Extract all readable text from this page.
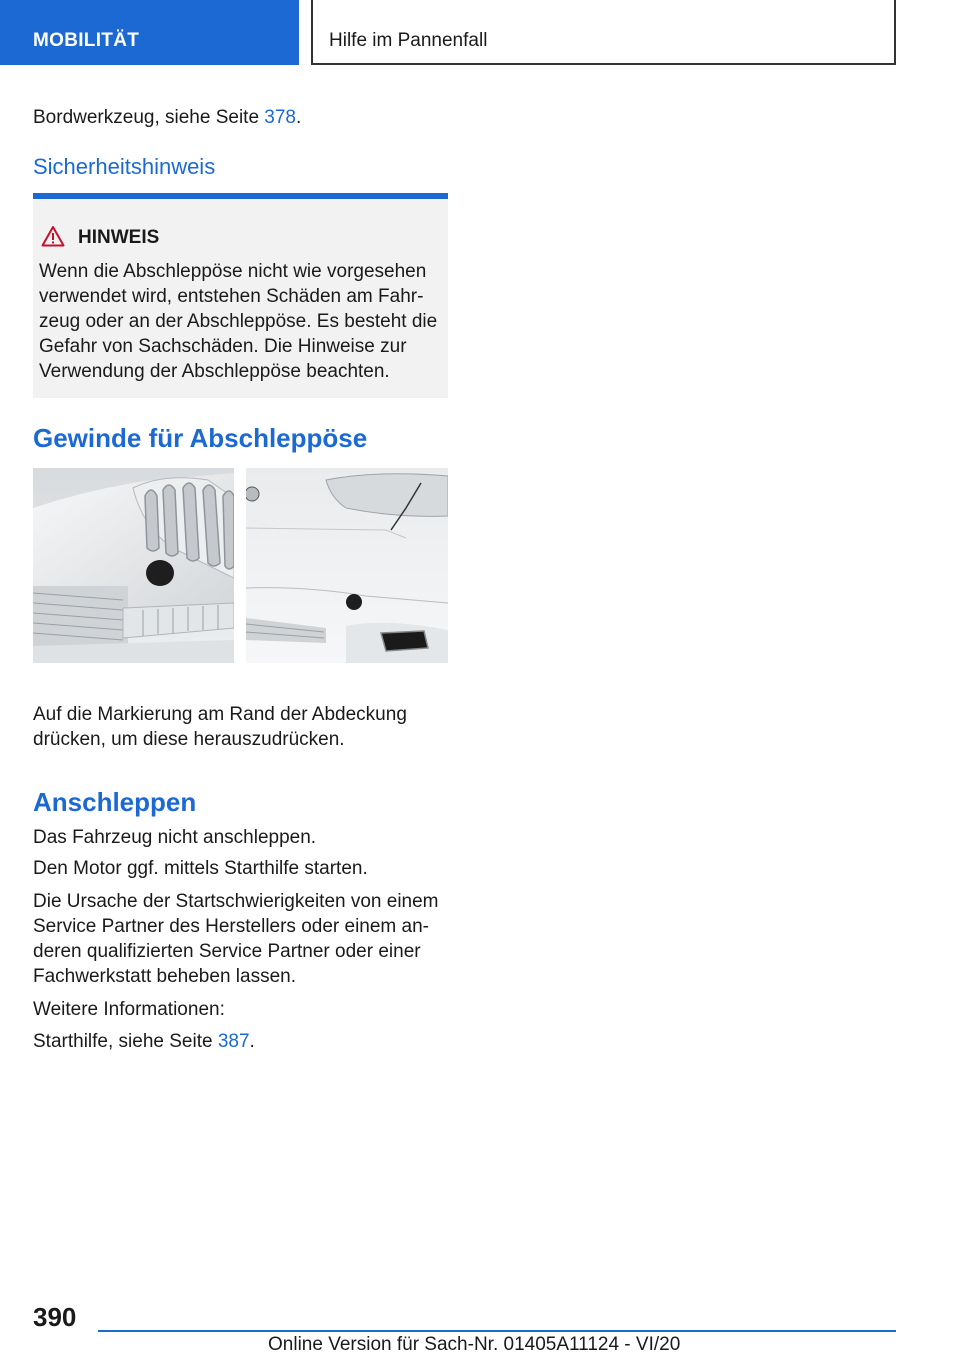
MOBILITÄT	Hilfe im Pannenfall
Bordwerkzeug, siehe Seite 378.
Sicherheitshinweis
HINWEIS
Wenn die Abschleppöse nicht wie vorgesehen
verwendet wird, entstehen Schäden am Fahr-
zeug oder an der Abschleppöse. Es besteht die
Gefahr von Sachschäden. Die Hinweise zur
Verwendung der Abschleppöse beachten.
Gewinde für Abschleppöse
Auf die Markierung am Rand der Abdeckung
drücken, um diese herauszudrücken.
Anschleppen
Das Fahrzeug nicht anschleppen.
Den Motor ggf. mittels Starthilfe starten.
Die Ursache der Startschwierigkeiten von einem
Service Partner des Herstellers oder einem an-
deren qualifizierten Service Partner oder einer
Fachwerkstatt beheben lassen.
Weitere Informationen:
Starthilfe, siehe Seite 387.
390
Online Version für Sach-Nr. 01405A11124 - VI/20
